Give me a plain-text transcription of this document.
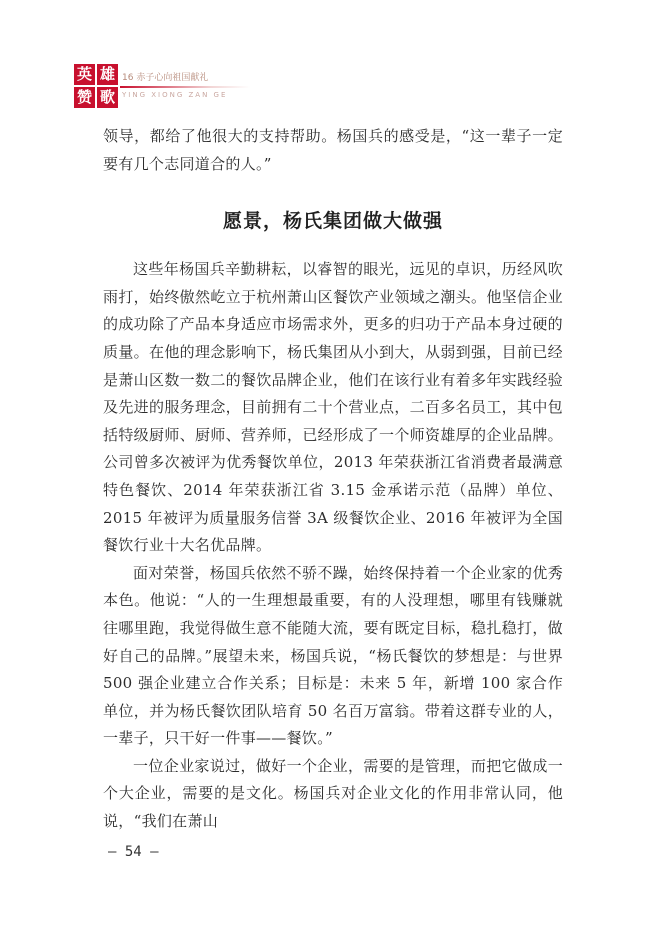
英 雄
赞 歌
16 赤子心向祖国献礼
YING XIONG ZAN GE

领导，都给了他很大的支持帮助。杨国兵的感受是，“这一辈子一定要有几个志同道合的人。”

愿景，杨氏集团做大做强

这些年杨国兵辛勤耕耘，以睿智的眼光，远见的卓识，历经风吹雨打，始终傲然屹立于杭州萧山区餐饮产业领域之潮头。他坚信企业的成功除了产品本身适应市场需求外，更多的归功于产品本身过硬的质量。在他的理念影响下，杨氏集团从小到大，从弱到强，目前已经是萧山区数一数二的餐饮品牌企业，他们在该行业有着多年实践经验及先进的服务理念，目前拥有二十个营业点，二百多名员工，其中包括特级厨师、厨师、营养师，已经形成了一个师资雄厚的企业品牌。公司曾多次被评为优秀餐饮单位，2013 年荣获浙江省消费者最满意特色餐饮、2014 年荣获浙江省 3.15 金承诺示范（品牌）单位、2015 年被评为质量服务信誉 3A 级餐饮企业、2016 年被评为全国餐饮行业十大名优品牌。

面对荣誉，杨国兵依然不骄不躁，始终保持着一个企业家的优秀本色。他说：“人的一生理想最重要，有的人没理想，哪里有钱赚就往哪里跑，我觉得做生意不能随大流，要有既定目标，稳扎稳打，做好自己的品牌。”展望未来，杨国兵说，“杨氏餐饮的梦想是：与世界 500 强企业建立合作关系；目标是：未来 5 年，新增 100 家合作单位，并为杨氏餐饮团队培育 50 名百万富翁。带着这群专业的人，一辈子，只干好一件事——餐饮。”

一位企业家说过，做好一个企业，需要的是管理，而把它做成一个大企业，需要的是文化。杨国兵对企业文化的作用非常认同，他说，“我们在萧山

— 54 —
